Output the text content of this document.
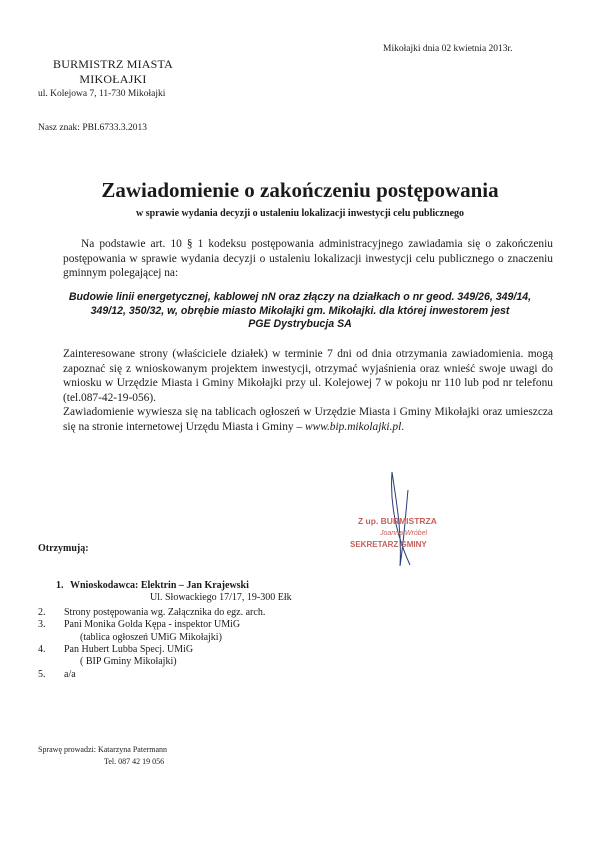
Mikołajki dnia 02 kwietnia 2013r.
BURMISTRZ MIASTA
MIKOŁAJKI
ul. Kolejowa 7, 11-730 Mikołajki
Nasz znak: PBI.6733.3.2013
Zawiadomienie o zakończeniu postępowania
w sprawie wydania decyzji o ustaleniu lokalizacji inwestycji celu publicznego
Na podstawie art. 10 § 1 kodeksu postępowania administracyjnego zawiadamia się o zakończeniu postępowania w sprawie wydania decyzji o ustaleniu lokalizacji inwestycji celu publicznego o znaczeniu gminnym polegającej na:
Budowie linii energetycznej, kablowej nN oraz złączy na działkach o nr geod. 349/26, 349/14,
349/12, 350/32, w, obrębie miasto Mikołajki gm. Mikołajki. dla której inwestorem jest
PGE Dystrybucja SA
Zainteresowane strony (właściciele działek) w terminie 7 dni od dnia otrzymania zawiadomienia. mogą zapoznać się z wnioskowanym projektem inwestycji, otrzymać wyjaśnienia oraz wnieść swoje uwagi do wniosku w Urzędzie Miasta i Gminy Mikołajki przy ul. Kolejowej 7 w pokoju nr 110 lub pod nr telefonu (tel.087-42-19-056).
Zawiadomienie wywiesza się na tablicach ogłoszeń w Urzędzie Miasta i Gminy Mikołajki oraz umieszcza się na stronie internetowej Urzędu Miasta i Gminy – www.bip.mikolajki.pl.
Z up. BURMISTRZA
Joanna Wróbel
SEKRETARZ GMINY
Otrzymują:
1. Wnioskodawca: Elektrin – Jan Krajewski
Ul. Słowackiego 17/17, 19-300 Ełk
2. Strony postępowania wg. Załącznika do egz. arch.
3. Pani Monika Golda Kępa - inspektor UMiG
(tablica ogłoszeń UMiG Mikołajki)
4. Pan Hubert Lubba Specj. UMiG
( BIP Gminy Mikołajki)
5. a/a
Sprawę prowadzi: Katarzyna Patermann
Tel. 087 42 19 056
